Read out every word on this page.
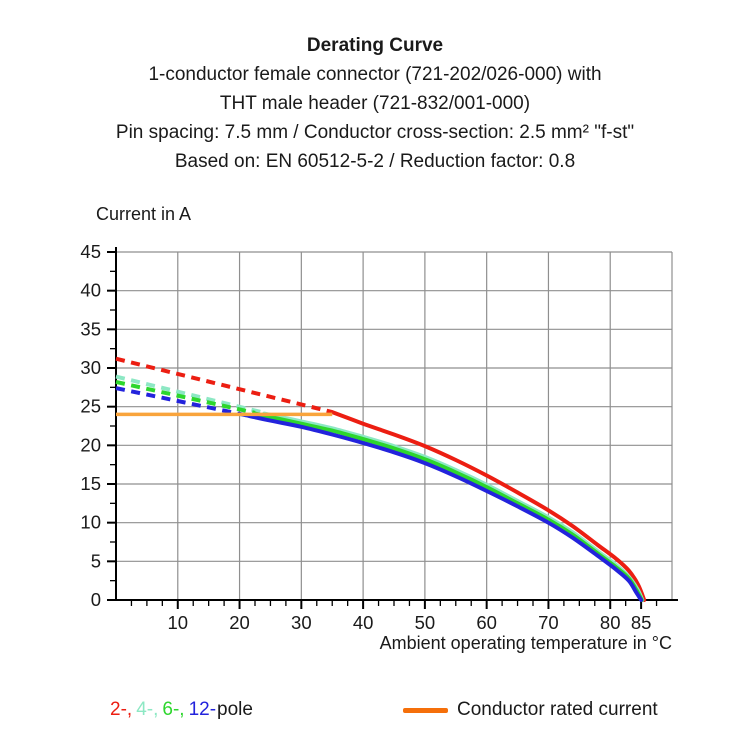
Derating Curve

1-conductor female connector (721-202/026-000) with

THT male header (721-832/001-000)

Pin spacing: 7.5 mm / Conductor cross-section: 2.5 mm² "f-st"

Based on: EN 60512-5-2 / Reduction factor: 0.8

Current in A
0
5
10
15
20
25
30
35
40
45
10 20 30 40 50 60 70 80 85
Ambient operating temperature in °C
2-, 4-, 6-, 12-pole	Conductor rated current
